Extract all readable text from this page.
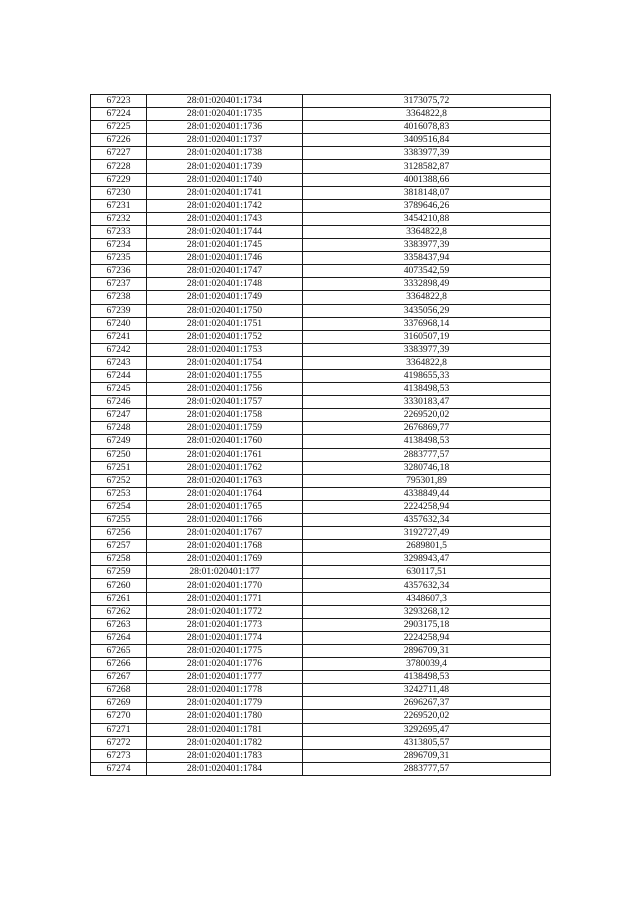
67223	28:01:020401:1734	3173075,72
67224	28:01:020401:1735	3364822,8
67225	28:01:020401:1736	4016078,83
67226	28:01:020401:1737	3409516,84
67227	28:01:020401:1738	3383977,39
67228	28:01:020401:1739	3128582,87
67229	28:01:020401:1740	4001388,66
67230	28:01:020401:1741	3818148,07
67231	28:01:020401:1742	3789646,26
67232	28:01:020401:1743	3454210,88
67233	28:01:020401:1744	3364822,8
67234	28:01:020401:1745	3383977,39
67235	28:01:020401:1746	3358437,94
67236	28:01:020401:1747	4073542,59
67237	28:01:020401:1748	3332898,49
67238	28:01:020401:1749	3364822,8
67239	28:01:020401:1750	3435056,29
67240	28:01:020401:1751	3376968,14
67241	28:01:020401:1752	3160507,19
67242	28:01:020401:1753	3383977,39
67243	28:01:020401:1754	3364822,8
67244	28:01:020401:1755	4198655,33
67245	28:01:020401:1756	4138498,53
67246	28:01:020401:1757	3330183,47
67247	28:01:020401:1758	2269520,02
67248	28:01:020401:1759	2676869,77
67249	28:01:020401:1760	4138498,53
67250	28:01:020401:1761	2883777,57
67251	28:01:020401:1762	3280746,18
67252	28:01:020401:1763	795301,89
67253	28:01:020401:1764	4338849,44
67254	28:01:020401:1765	2224258,94
67255	28:01:020401:1766	4357632,34
67256	28:01:020401:1767	3192727,49
67257	28:01:020401:1768	2689801,5
67258	28:01:020401:1769	3298943,47
67259	28:01:020401:177	630117,51
67260	28:01:020401:1770	4357632,34
67261	28:01:020401:1771	4348607,3
67262	28:01:020401:1772	3293268,12
67263	28:01:020401:1773	2903175,18
67264	28:01:020401:1774	2224258,94
67265	28:01:020401:1775	2896709,31
67266	28:01:020401:1776	3780039,4
67267	28:01:020401:1777	4138498,53
67268	28:01:020401:1778	3242711,48
67269	28:01:020401:1779	2696267,37
67270	28:01:020401:1780	2269520,02
67271	28:01:020401:1781	3292695,47
67272	28:01:020401:1782	4313805,57
67273	28:01:020401:1783	2896709,31
67274	28:01:020401:1784	2883777,57
